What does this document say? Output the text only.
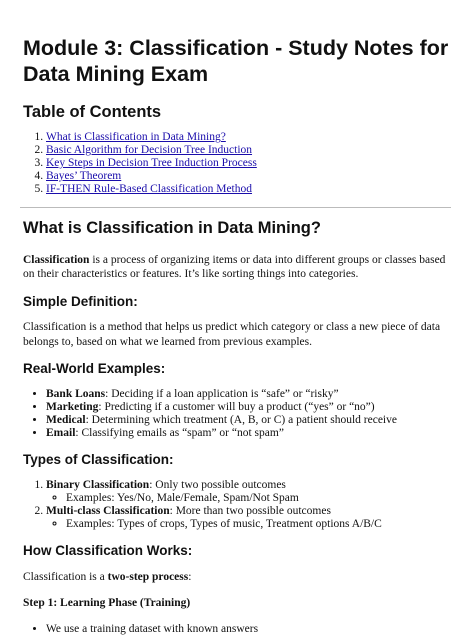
Module 3: Classification - Study Notes for Data Mining Exam
Table of Contents
1. What is Classification in Data Mining?
2. Basic Algorithm for Decision Tree Induction
3. Key Steps in Decision Tree Induction Process
4. Bayes’ Theorem
5. IF-THEN Rule-Based Classification Method
What is Classification in Data Mining?

Classification is a process of organizing items or data into different groups or classes based on their characteristics or features. It’s like sorting things into categories.

Simple Definition:

Classification is a method that helps us predict which category or class a new piece of data belongs to, based on what we learned from previous examples.

Real-World Examples:
• Bank Loans: Deciding if a loan application is “safe” or “risky”
• Marketing: Predicting if a customer will buy a product (“yes” or “no”)
• Medical: Determining which treatment (A, B, or C) a patient should receive
• Email: Classifying emails as “spam” or “not spam”
Types of Classification:
1. Binary Classification: Only two possible outcomes
◦ Examples: Yes/No, Male/Female, Spam/Not Spam
2. Multi-class Classification: More than two possible outcomes
◦ Examples: Types of crops, Types of music, Treatment options A/B/C
How Classification Works:

Classification is a two-step process:

Step 1: Learning Phase (Training)

• We use a training dataset with known answers
